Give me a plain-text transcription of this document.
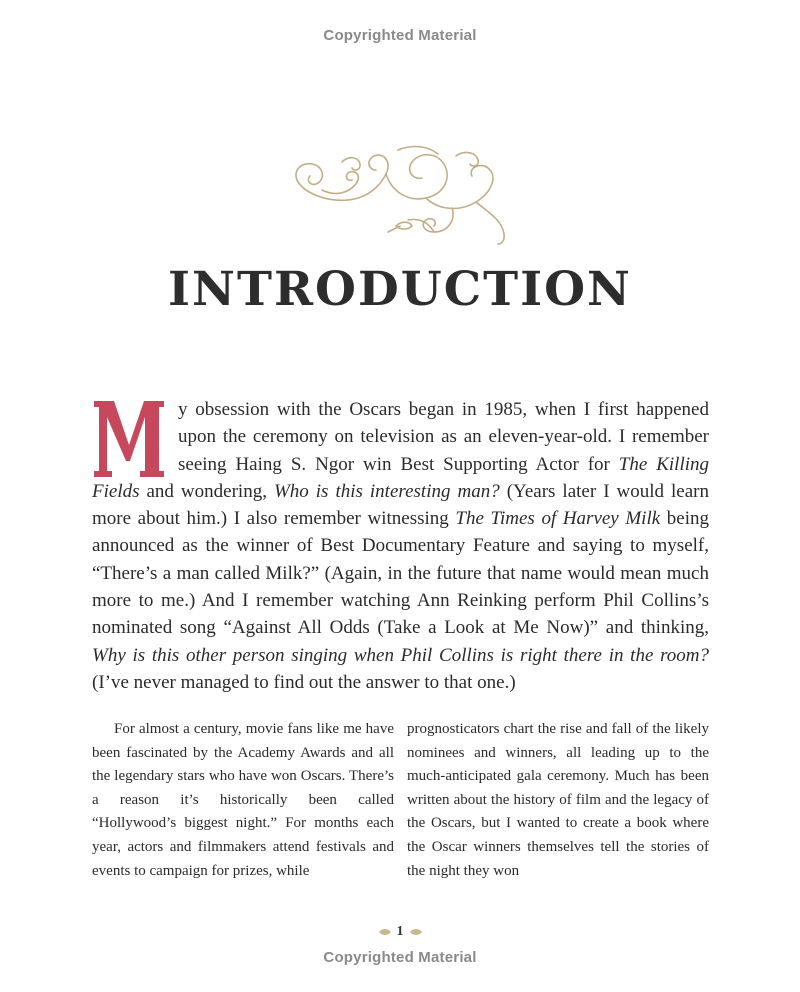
Copyrighted Material
INTRODUCTION
y obsession with the Oscars began in 1985, when I first happened upon the ceremony on television as an eleven-year-old. I remember seeing Haing S. Ngor win Best Supporting Actor for The Killing Fields and wondering, Who is this interesting man? (Years later I would learn more about him.) I also remember witnessing The Times of Harvey Milk being announced as the winner of Best Documentary Feature and saying to myself, “There’s a man called Milk?” (Again, in the future that name would mean much more to me.) And I remember watching Ann Reinking perform Phil Collins’s nominated song “Against All Odds (Take a Look at Me Now)” and thinking, Why is this other person singing when Phil Collins is right there in the room? (I’ve never managed to find out the answer to that one.)

For almost a century, movie fans like me have been fascinated by the Academy Awards and all the legendary stars who have won Oscars. There’s a reason it’s historically been called “Hollywood’s biggest night.” For months each year, actors and filmmakers attend festivals and events to campaign for prizes, while

prognosticators chart the rise and fall of the likely nominees and winners, all leading up to the much-anticipated gala ceremony. Much has been written about the history of film and the legacy of the Oscars, but I wanted to create a book where the Oscar winners themselves tell the stories of the night they won

1
Copyrighted Material
